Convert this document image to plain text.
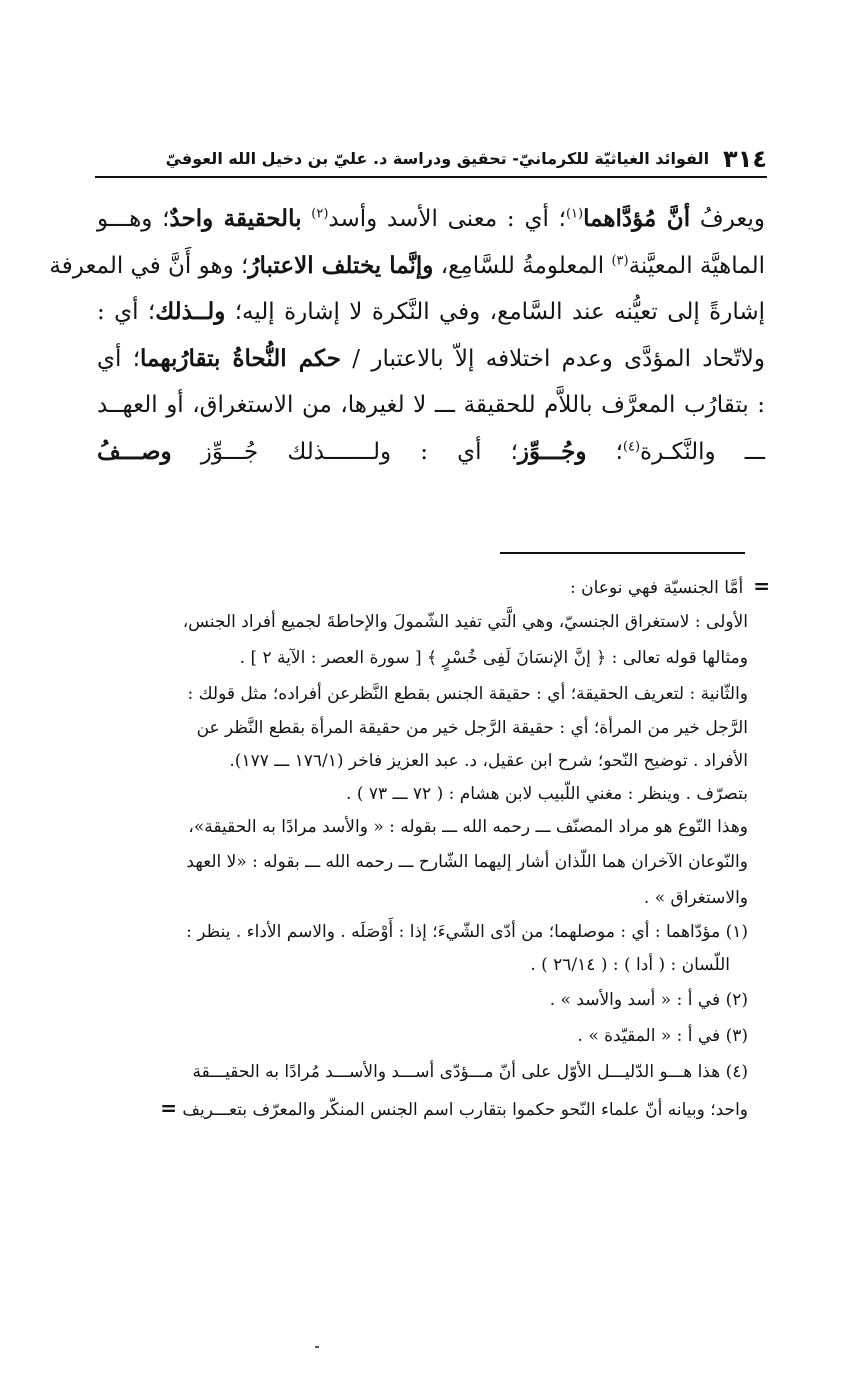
٣١٤
الفوائد الغياثيّة للكرمانيّ- تحقيق ودراسة د. عليّ بن دخيل الله العوفيّ
ويعرفُ أنَّ مُؤدَّاهما$^{(١)}$؛ أي : معنى الأسد وأسد$^{(٢)}$ بالحقيقة واحدٌ؛ وهـــو
الماهيَّة المعيَّنة$^{(٣)}$ المعلومةُ للسَّامِع، وإنَّما يختلف الاعتبارُ؛ وهو أَنَّ في المعرفة
إشارةً إلى تعيُّنه عند السَّامع، وفي النَّكرة لا إشارة إليه؛ ولــذلك؛ أي :
ولاتّحاد المؤدَّى وعدم اختلافه إلاّ بالاعتبار / حكم النُّحاةُ بتقارُبهما؛ أي
: بتقارُب المعرَّف باللاَّم للحقيقة ـــ لا لغيرها، من الاستغراق، أو العهــد
ـــ والنَّكـرة$^{(٤)}$؛ وجُـــوِّز؛ أي : ولـــــــذلك جُـــوِّز وصـــفُ
=أمَّا الجنسيّة فهي نوعان :
الأولى : لاستغراق الجنسيّ، وهي الَّتي تفيد الشّمولَ والإحاطةَ لجميع أفراد الجنس،
ومثالها قوله تعالى : ﴿ إنَّ الإنسَانَ لَفِى خُسْرٍ ﴾ [ سورة العصر : الآية ٢ ] .
والثّانية : لتعريف الحقيقة؛ أي : حقيقة الجنس بقطع النَّظرعن أفراده؛ مثل قولك :
الرَّجل خير من المرأة؛ أي : حقيقة الرَّجل خير من حقيقة المرأة بقطع النَّظر عن
الأفراد . توضيح النّحو؛ شرح ابن عقيل، د. عبد العزيز فاخر (١٧٦/١ ـــ ١٧٧).
بتصرّف . وينظر : مغني اللّبيب لابن هشام : ( ٧٢ ـــ ٧٣ ) .
وهذا النّوع هو مراد المصنّف ـــ رحمه الله ـــ بقوله : « والأسد مرادًا به الحقيقة»،
والنّوعان الآخران هما اللّذان أشار إليهما الشّارح ـــ رحمه الله ـــ بقوله : «لا العهد
والاستغراق » .
(١) مؤدّاهما : أي : موصلهما؛ من أدّى الشّيءَ؛ إذا : أَوْصَلَه . والاسم الأداء . ينظر :
اللّسان : ( أدا ) : ( ٢٦/١٤ ) .
(٢) في أ : « أسد والأسد » .
(٣) في أ : « المقيّدة » .
(٤) هذا هـــو الدّليـــل الأوّل على أنّ مـــؤدّى أســـد والأســـد مُرادًا به الحقيـــقة
واحد؛ وبيانه أنّ علماء النّحو حكموا بتقارب اسم الجنس المنكّر والمعرّف بتعـــريف =
